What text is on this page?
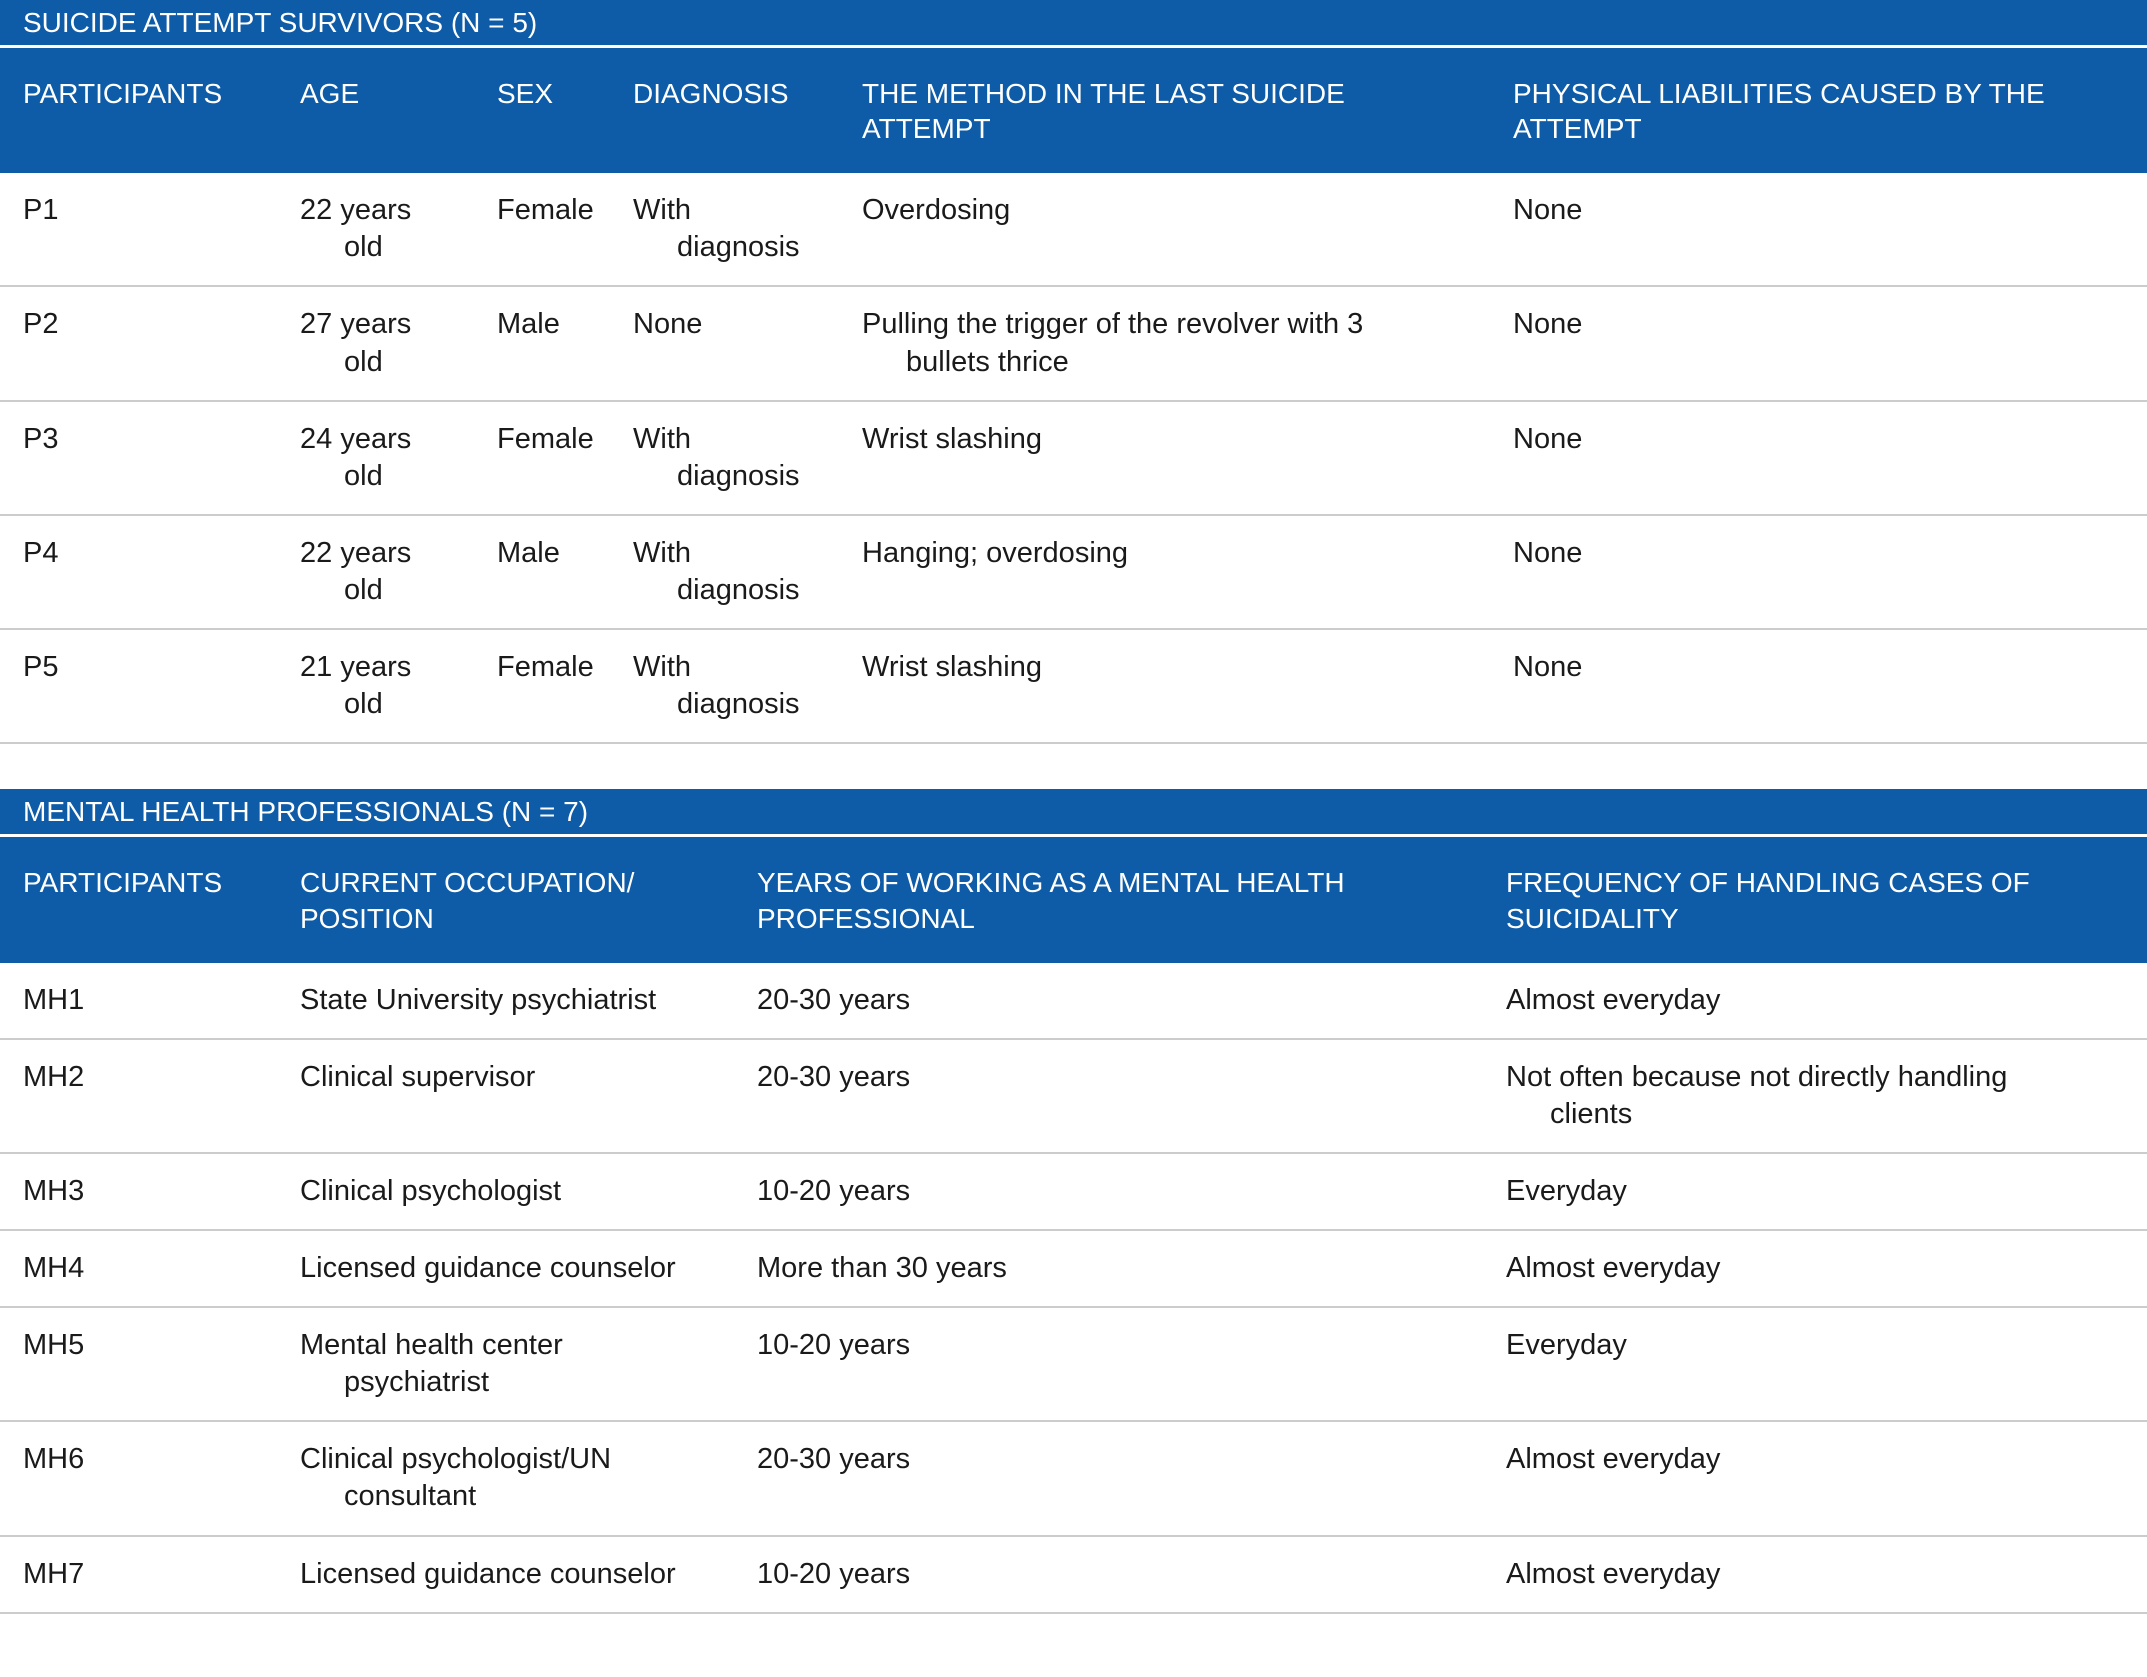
SUICIDE ATTEMPT SURVIVORS (N = 5)
PARTICIPANTS	AGE	SEX	DIAGNOSIS	THE METHOD IN THE LAST SUICIDE ATTEMPT	PHYSICAL LIABILITIES CAUSED BY THE ATTEMPT
P1	22 years old	Female	With diagnosis	Overdosing	None
P2	27 years old	Male	None	Pulling the trigger of the revolver with 3 bullets thrice	None
P3	24 years old	Female	With diagnosis	Wrist slashing	None
P4	22 years old	Male	With diagnosis	Hanging; overdosing	None
P5	21 years old	Female	With diagnosis	Wrist slashing	None
MENTAL HEALTH PROFESSIONALS (N = 7)
PARTICIPANTS	CURRENT OCCUPATION/ POSITION	YEARS OF WORKING AS A MENTAL HEALTH PROFESSIONAL	FREQUENCY OF HANDLING CASES OF SUICIDALITY
MH1	State University psychiatrist	20-30 years	Almost everyday
MH2	Clinical supervisor	20-30 years	Not often because not directly handling clients
MH3	Clinical psychologist	10-20 years	Everyday
MH4	Licensed guidance counselor	More than 30 years	Almost everyday
MH5	Mental health center psychiatrist	10-20 years	Everyday
MH6	Clinical psychologist/UN consultant	20-30 years	Almost everyday
MH7	Licensed guidance counselor	10-20 years	Almost everyday
